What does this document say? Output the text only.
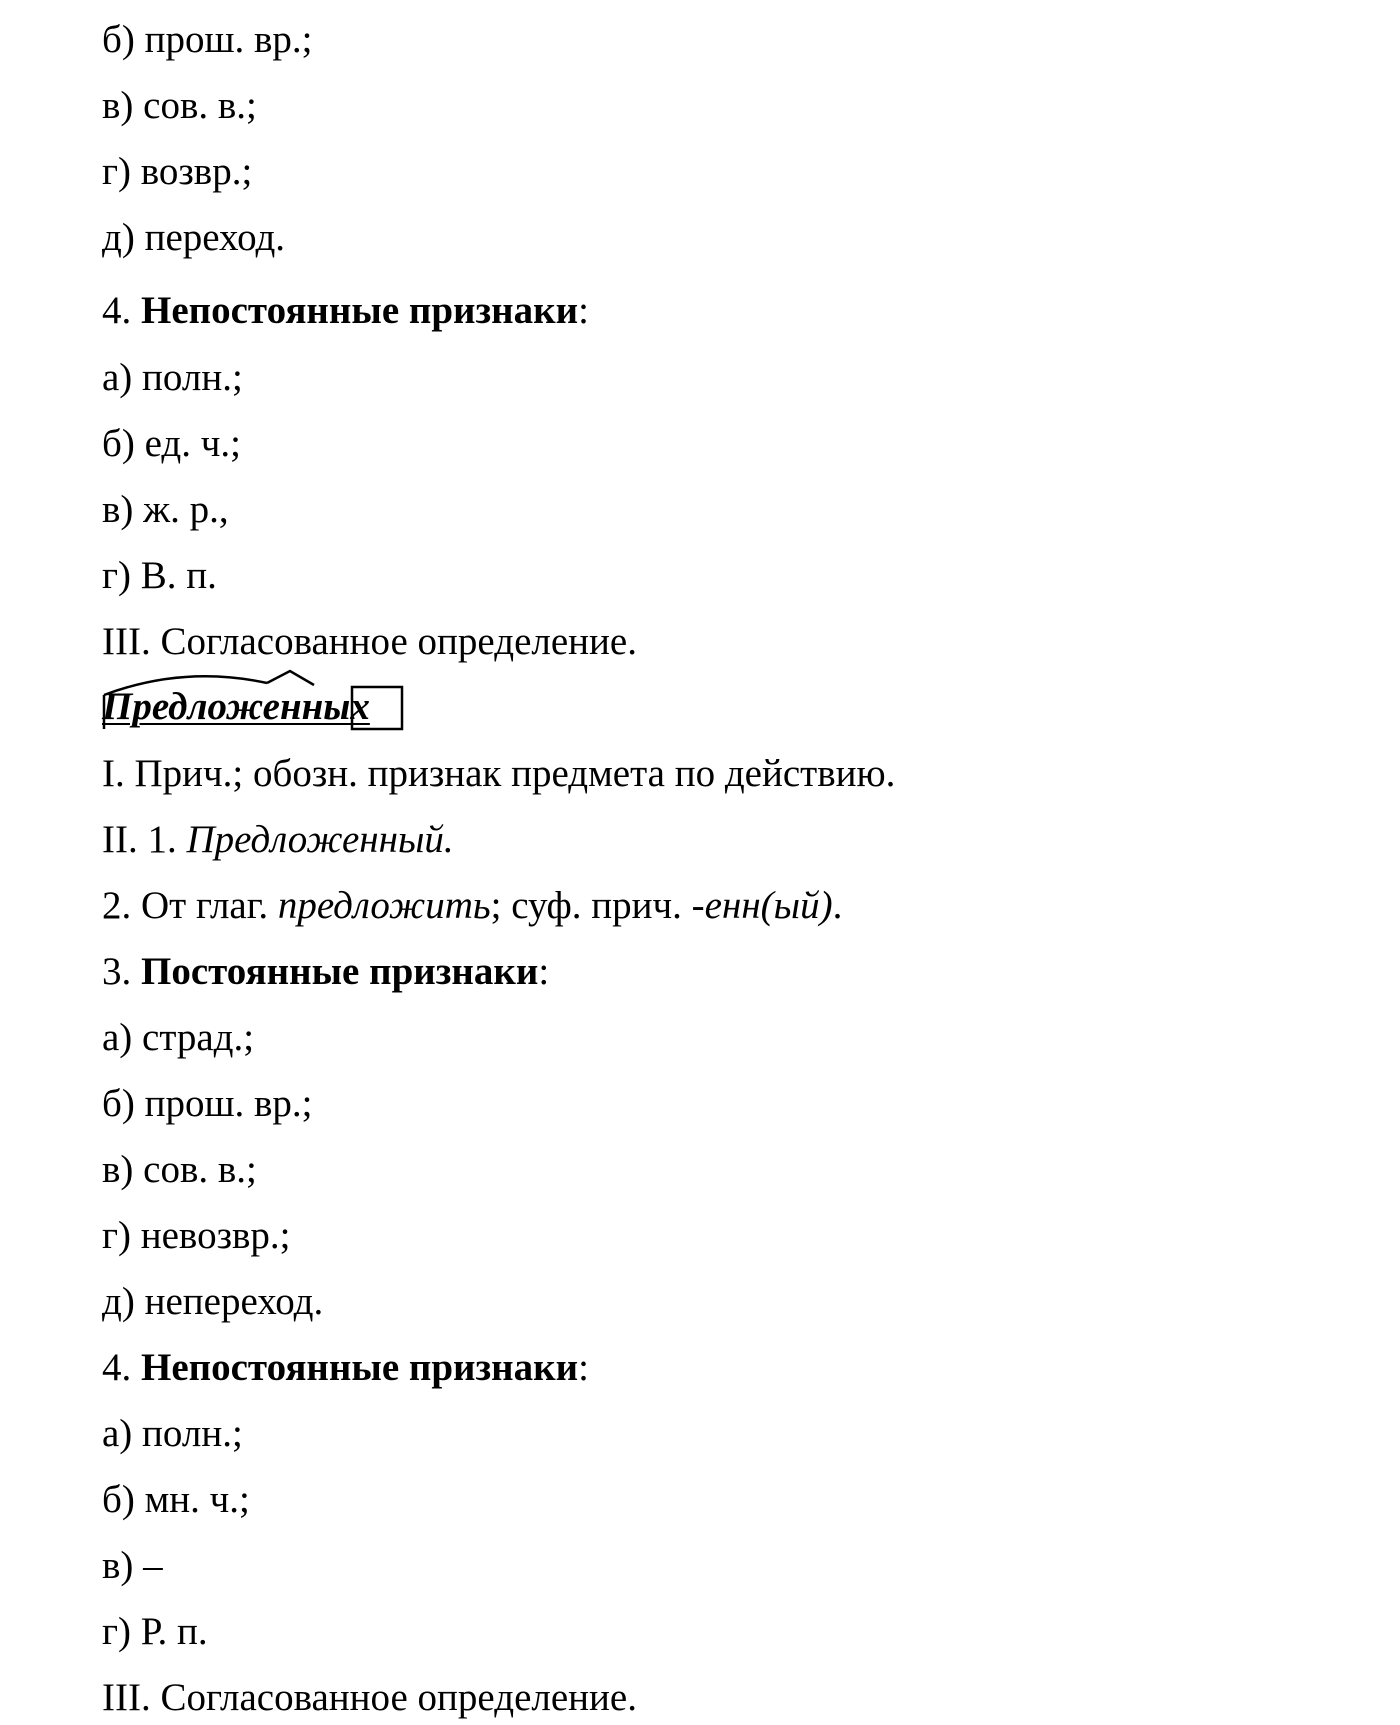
б) прош. вр.;
в) сов. в.;
г) возвр.;
д) переход.
4. Непостоянные признаки:
а) полн.;
б) ед. ч.;
в) ж. р.,
г) В. п.
III. Согласованное определение.
Предложенных
I. Прич.; обозн. признак предмета по действию.
II. 1. Предложенный.
2. От глаг. предложить; суф. прич. -енн(ый).
3. Постоянные признаки:
а) страд.;
б) прош. вр.;
в) сов. в.;
г) невозвр.;
д) непереход.
4. Непостоянные признаки:
а) полн.;
б) мн. ч.;
в) –
г) Р. п.
III. Согласованное определение.
